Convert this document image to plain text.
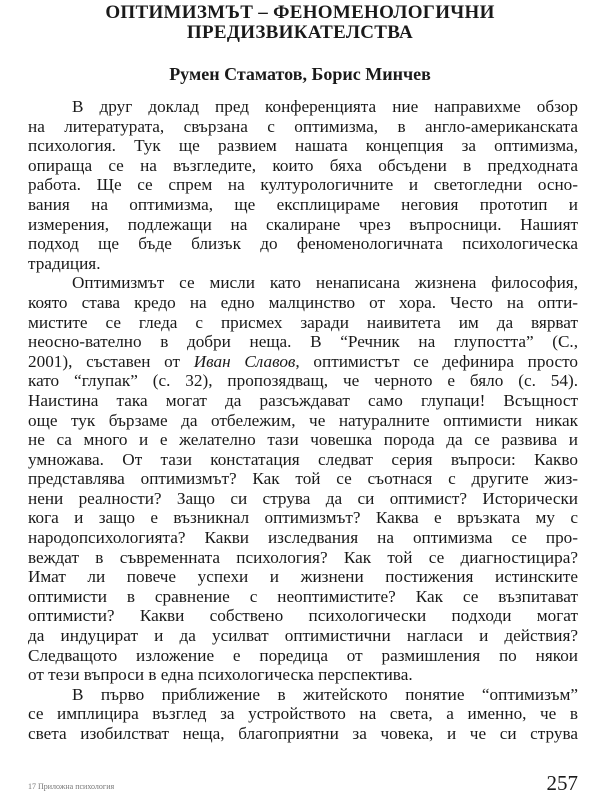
ОПТИМИЗМЪТ – ФЕНОМЕНОЛОГИЧНИ
ПРЕДИЗВИКАТЕЛСТВА
Румен Стаматов, Борис Минчев
В друг доклад пред конференцията ние направихме обзор
на литературата, свързана с оптимизма, в англо-американската
психология. Тук ще развием нашата концепция за оптимизма,
опираща се на възгледите, които бяха обсъдени в предходната
работа. Ще се спрем на културологичните и светогледни осно-
вания на оптимизма, ще експлицираме неговия прототип и
измерения, подлежащи на скалиране чрез въпросници. Нашият
подход ще бъде близък до феноменологичната психологическа
традиция.
Оптимизмът се мисли като ненаписана жизнена философия,
която става кредо на едно малцинство от хора. Често на опти-
мистите се гледа с присмех заради наивитета им да вярват
неосно-вателно в добри неща. В “Речник на глупостта” (С.,
2001), съставен от Иван Славов, оптимистът се дефинира просто
като “глупак” (с. 32), пропозядващ, че черното е бяло (с. 54).
Наистина така могат да разсъждават само глупаци! Всъщност
още тук бързаме да отбележим, че натуралните оптимисти никак
не са много и е желателно тази човешка порода да се развива и
умножава. От тази констатация следват серия въпроси: Какво
представлява оптимизмът? Как той се съотнася с другите жиз-
нени реалности? Защо си струва да си оптимист? Исторически
кога и защо е възникнал оптимизмът? Каква е връзката му с
народопсихологията? Какви изследвания на оптимизма се про-
веждат в съвременната психология? Как той се диагностицира?
Имат ли повече успехи и жизнени постижения истинските
оптимисти в сравнение с неоптимистите? Как се възпитават
оптимисти? Какви собствено психологически подходи могат
да индуцират и да усилват оптимистични нагласи и действия?
Следващото изложение е поредица от размишления по някои
от тези въпроси в една психологическа перспектива.
В първо приближение в житейското понятие “оптимизъм”
се имплицира възглед за устройството на света, а именно, че в
света изобилстват неща, благоприятни за човека, и че си струва
17 Приложна психология	257
